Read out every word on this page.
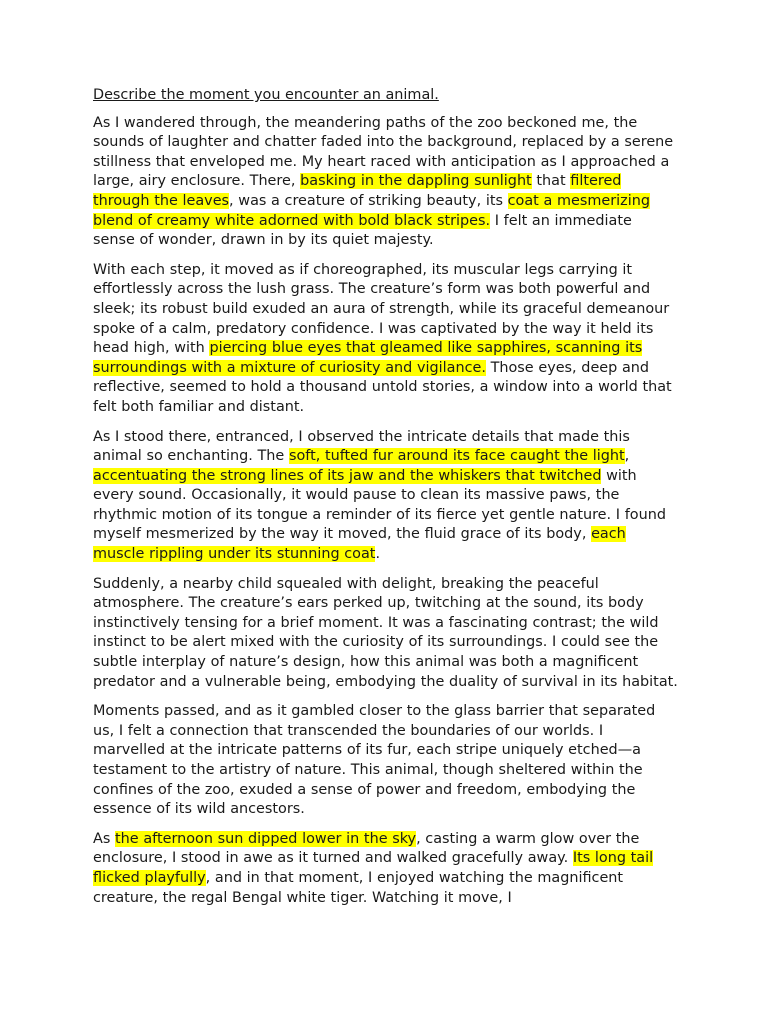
Describe the moment you encounter an animal.

As I wandered through, the meandering paths of the zoo beckoned me, the sounds of laughter and chatter faded into the background, replaced by a serene stillness that enveloped me. My heart raced with anticipation as I approached a large, airy enclosure. There, basking in the dappling sunlight that filtered through the leaves, was a creature of striking beauty, its coat a mesmerizing blend of creamy white adorned with bold black stripes. I felt an immediate sense of wonder, drawn in by its quiet majesty.

With each step, it moved as if choreographed, its muscular legs carrying it effortlessly across the lush grass. The creature’s form was both powerful and sleek; its robust build exuded an aura of strength, while its graceful demeanour spoke of a calm, predatory confidence. I was captivated by the way it held its head high, with piercing blue eyes that gleamed like sapphires, scanning its surroundings with a mixture of curiosity and vigilance. Those eyes, deep and reflective, seemed to hold a thousand untold stories, a window into a world that felt both familiar and distant.

As I stood there, entranced, I observed the intricate details that made this animal so enchanting. The soft, tufted fur around its face caught the light, accentuating the strong lines of its jaw and the whiskers that twitched with every sound. Occasionally, it would pause to clean its massive paws, the rhythmic motion of its tongue a reminder of its fierce yet gentle nature. I found myself mesmerized by the way it moved, the fluid grace of its body, each muscle rippling under its stunning coat.

Suddenly, a nearby child squealed with delight, breaking the peaceful atmosphere. The creature’s ears perked up, twitching at the sound, its body instinctively tensing for a brief moment. It was a fascinating contrast; the wild instinct to be alert mixed with the curiosity of its surroundings. I could see the subtle interplay of nature’s design, how this animal was both a magnificent predator and a vulnerable being, embodying the duality of survival in its habitat.

Moments passed, and as it gambled closer to the glass barrier that separated us, I felt a connection that transcended the boundaries of our worlds. I marvelled at the intricate patterns of its fur, each stripe uniquely etched—a testament to the artistry of nature. This animal, though sheltered within the confines of the zoo, exuded a sense of power and freedom, embodying the essence of its wild ancestors.

As the afternoon sun dipped lower in the sky, casting a warm glow over the enclosure, I stood in awe as it turned and walked gracefully away. Its long tail flicked playfully, and in that moment, I enjoyed watching the magnificent creature, the regal Bengal white tiger. Watching it move, I
